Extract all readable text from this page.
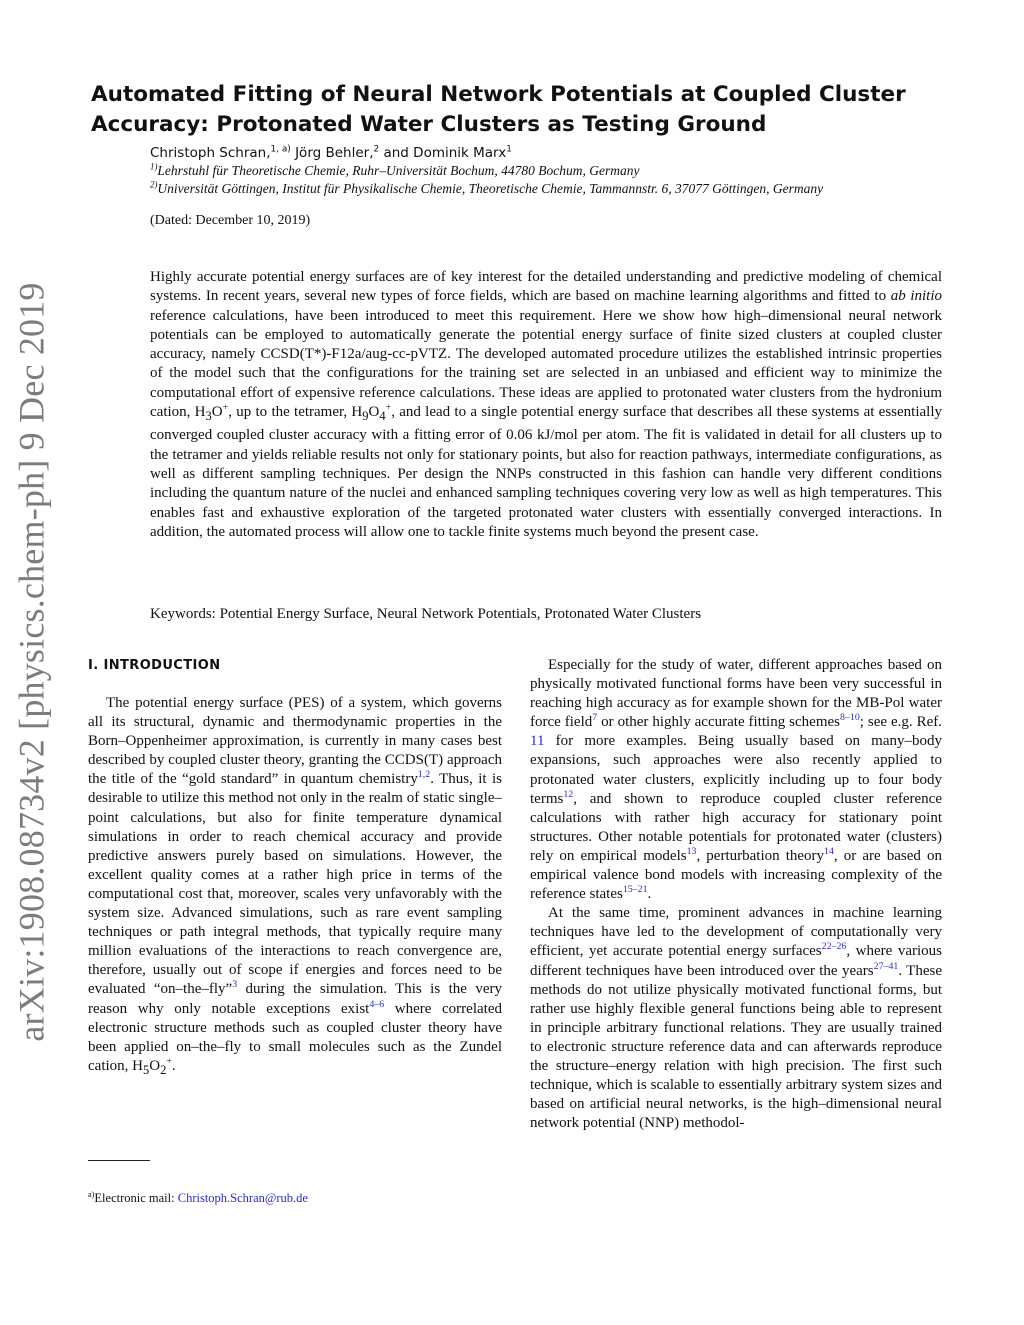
arXiv:1908.08734v2 [physics.chem-ph] 9 Dec 2019
Automated Fitting of Neural Network Potentials at Coupled Cluster Accuracy: Protonated Water Clusters as Testing Ground

Christoph Schran,$^{1, a)}$ Jörg Behler,$^2$ and Dominik Marx$^1$

$^{1)}$Lehrstuhl für Theoretische Chemie, Ruhr–Universität Bochum, 44780 Bochum, Germany

$^{2)}$Universität Göttingen, Institut für Physikalische Chemie, Theoretische Chemie, Tammannstr. 6, 37077 Göttingen, Germany

(Dated: December 10, 2019)

Highly accurate potential energy surfaces are of key interest for the detailed understanding and predictive modeling of chemical systems. In recent years, several new types of force fields, which are based on machine learning algorithms and fitted to ab initio reference calculations, have been introduced to meet this requirement. Here we show how high–dimensional neural network potentials can be employed to automatically generate the potential energy surface of finite sized clusters at coupled cluster accuracy, namely CCSD(T*)-F12a/aug-cc-pVTZ. The developed automated procedure utilizes the established intrinsic properties of the model such that the configurations for the training set are selected in an unbiased and efficient way to minimize the computational effort of expensive reference calculations. These ideas are applied to protonated water clusters from the hydronium cation, $H_3O^+$, up to the tetramer, $H_9O_4^+$, and lead to a single potential energy surface that describes all these systems at essentially converged coupled cluster accuracy with a fitting error of 0.06 kJ/mol per atom. The fit is validated in detail for all clusters up to the tetramer and yields reliable results not only for stationary points, but also for reaction pathways, intermediate configurations, as well as different sampling techniques. Per design the NNPs constructed in this fashion can handle very different conditions including the quantum nature of the nuclei and enhanced sampling techniques covering very low as well as high temperatures. This enables fast and exhaustive exploration of the targeted protonated water clusters with essentially converged interactions. In addition, the automated process will allow one to tackle finite systems much beyond the present case.

Keywords: Potential Energy Surface, Neural Network Potentials, Protonated Water Clusters

I. INTRODUCTION

The potential energy surface (PES) of a system, which governs all its structural, dynamic and thermodynamic properties in the Born–Oppenheimer approximation, is currently in many cases best described by coupled cluster theory, granting the CCDS(T) approach the title of the “gold standard” in quantum chemistry$^{1,2}$. Thus, it is desirable to utilize this method not only in the realm of static single–point calculations, but also for finite temperature dynamical simulations in order to reach chemical accuracy and provide predictive answers purely based on simulations. However, the excellent quality comes at a rather high price in terms of the computational cost that, moreover, scales very unfavorably with the system size. Advanced simulations, such as rare event sampling techniques or path integral methods, that typically require many million evaluations of the interactions to reach convergence are, therefore, usually out of scope if energies and forces need to be evaluated “on–the–fly”$^3$ during the simulation. This is the very reason why only notable exceptions exist$^{4-6}$ where correlated electronic structure methods such as coupled cluster theory have been applied on–the–fly to small molecules such as the Zundel cation, $H_5O_2^+$.

Especially for the study of water, different approaches based on physically motivated functional forms have been very successful in reaching high accuracy as for example shown for the MB-Pol water force field$^7$ or other highly accurate fitting schemes$^{8-10}$; see e.g. Ref. 11 for more examples. Being usually based on many–body expansions, such approaches were also recently applied to protonated water clusters, explicitly including up to four body terms$^{12}$, and shown to reproduce coupled cluster reference calculations with rather high accuracy for stationary point structures. Other notable potentials for protonated water (clusters) rely on empirical models$^{13}$, perturbation theory$^{14}$, or are based on empirical valence bond models with increasing complexity of the reference states$^{15-21}$.

At the same time, prominent advances in machine learning techniques have led to the development of computationally very efficient, yet accurate potential energy surfaces$^{22-26}$, where various different techniques have been introduced over the years$^{27-41}$. These methods do not utilize physically motivated functional forms, but rather use highly flexible general functions being able to represent in principle arbitrary functional relations. They are usually trained to electronic structure reference data and can afterwards reproduce the structure–energy relation with high precision. The first such technique, which is scalable to essentially arbitrary system sizes and based on artificial neural networks, is the high–dimensional neural network potential (NNP) methodol-

$^{a)}$Electronic mail: Christoph.Schran@rub.de
